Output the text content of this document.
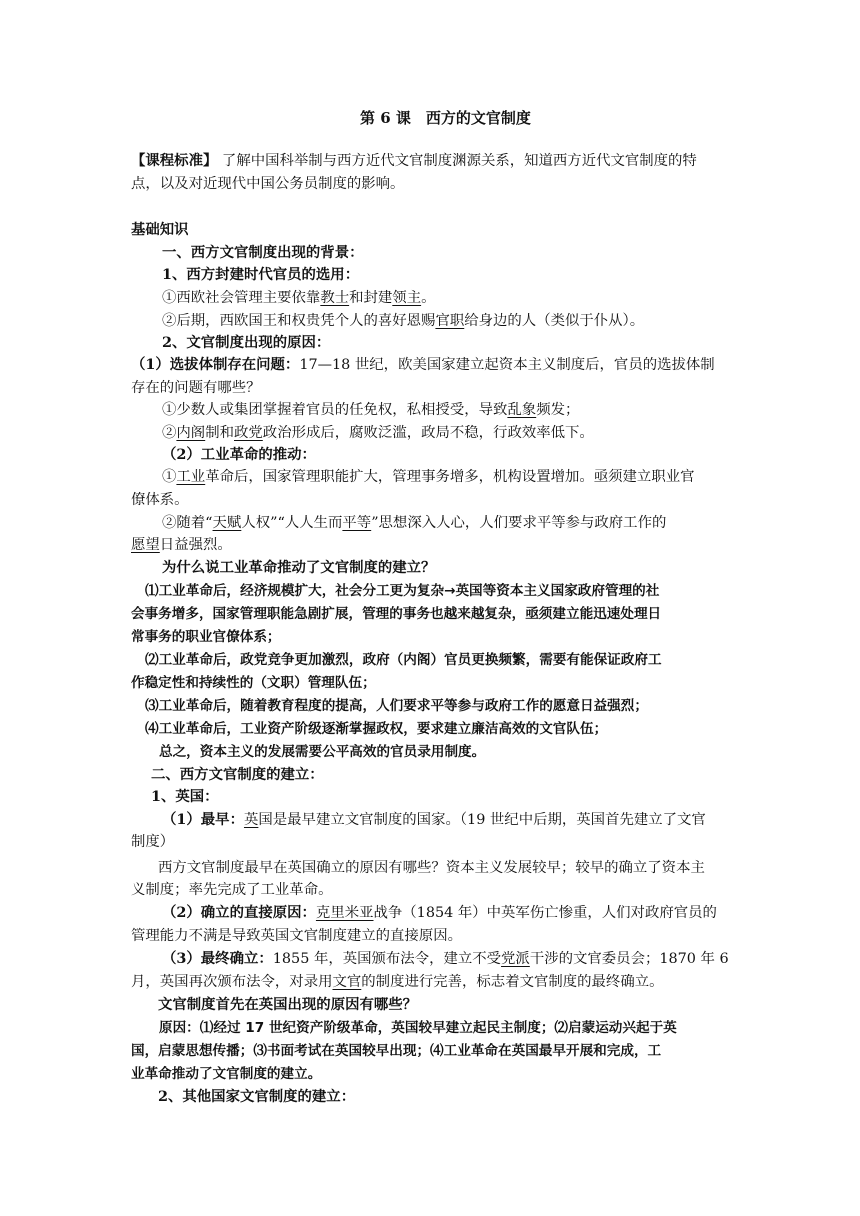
第 6 课　西方的文官制度
【课程标准】 了解中国科举制与西方近代文官制度渊源关系，知道西方近代文官制度的特
点，以及对近现代中国公务员制度的影响。
基础知识
一、西方文官制度出现的背景：
1、西方封建时代官员的选用：
①西欧社会管理主要依靠教士和封建领主。
②后期，西欧国王和权贵凭个人的喜好恩赐官职给身边的人（类似于仆从）。
2、文官制度出现的原因：
（1）选拔体制存在问题：17—18 世纪，欧美国家建立起资本主义制度后，官员的选拔体制
存在的问题有哪些？
①少数人或集团掌握着官员的任免权，私相授受，导致乱象频发；
②内阁制和政党政治形成后，腐败泛滥，政局不稳，行政效率低下。
（2）工业革命的推动：
①工业革命后，国家管理职能扩大，管理事务增多，机构设置增加。亟须建立职业官
僚体系。
②随着“天赋人权”“人人生而平等”思想深入人心，人们要求平等参与政府工作的
愿望日益强烈。
为什么说工业革命推动了文官制度的建立？
⑴工业革命后，经济规模扩大，社会分工更为复杂→英国等资本主义国家政府管理的社
会事务增多，国家管理职能急剧扩展，管理的事务也越来越复杂，亟须建立能迅速处理日
常事务的职业官僚体系；
⑵工业革命后，政党竞争更加激烈，政府（内阁）官员更换频繁，需要有能保证政府工
作稳定性和持续性的（文职）管理队伍；
⑶工业革命后，随着教育程度的提高，人们要求平等参与政府工作的愿意日益强烈；
⑷工业革命后，工业资产阶级逐渐掌握政权，要求建立廉洁高效的文官队伍；
总之，资本主义的发展需要公平高效的官员录用制度。
二、西方文官制度的建立：
1、英国：
（1）最早：英国是最早建立文官制度的国家。（19 世纪中后期，英国首先建立了文官
制度）
西方文官制度最早在英国确立的原因有哪些？资本主义发展较早；较早的确立了资本主
义制度；率先完成了工业革命。
（2）确立的直接原因：克里米亚战争（1854 年）中英军伤亡惨重，人们对政府官员的
管理能力不满是导致英国文官制度建立的直接原因。
（3）最终确立：1855 年，英国颁布法令，建立不受党派干涉的文官委员会；1870 年 6
月，英国再次颁布法令，对录用文官的制度进行完善，标志着文官制度的最终确立。
文官制度首先在英国出现的原因有哪些？
原因：⑴经过 17 世纪资产阶级革命，英国较早建立起民主制度；⑵启蒙运动兴起于英
国，启蒙思想传播；⑶书面考试在英国较早出现；⑷工业革命在英国最早开展和完成，工
业革命推动了文官制度的建立。
2、其他国家文官制度的建立：
